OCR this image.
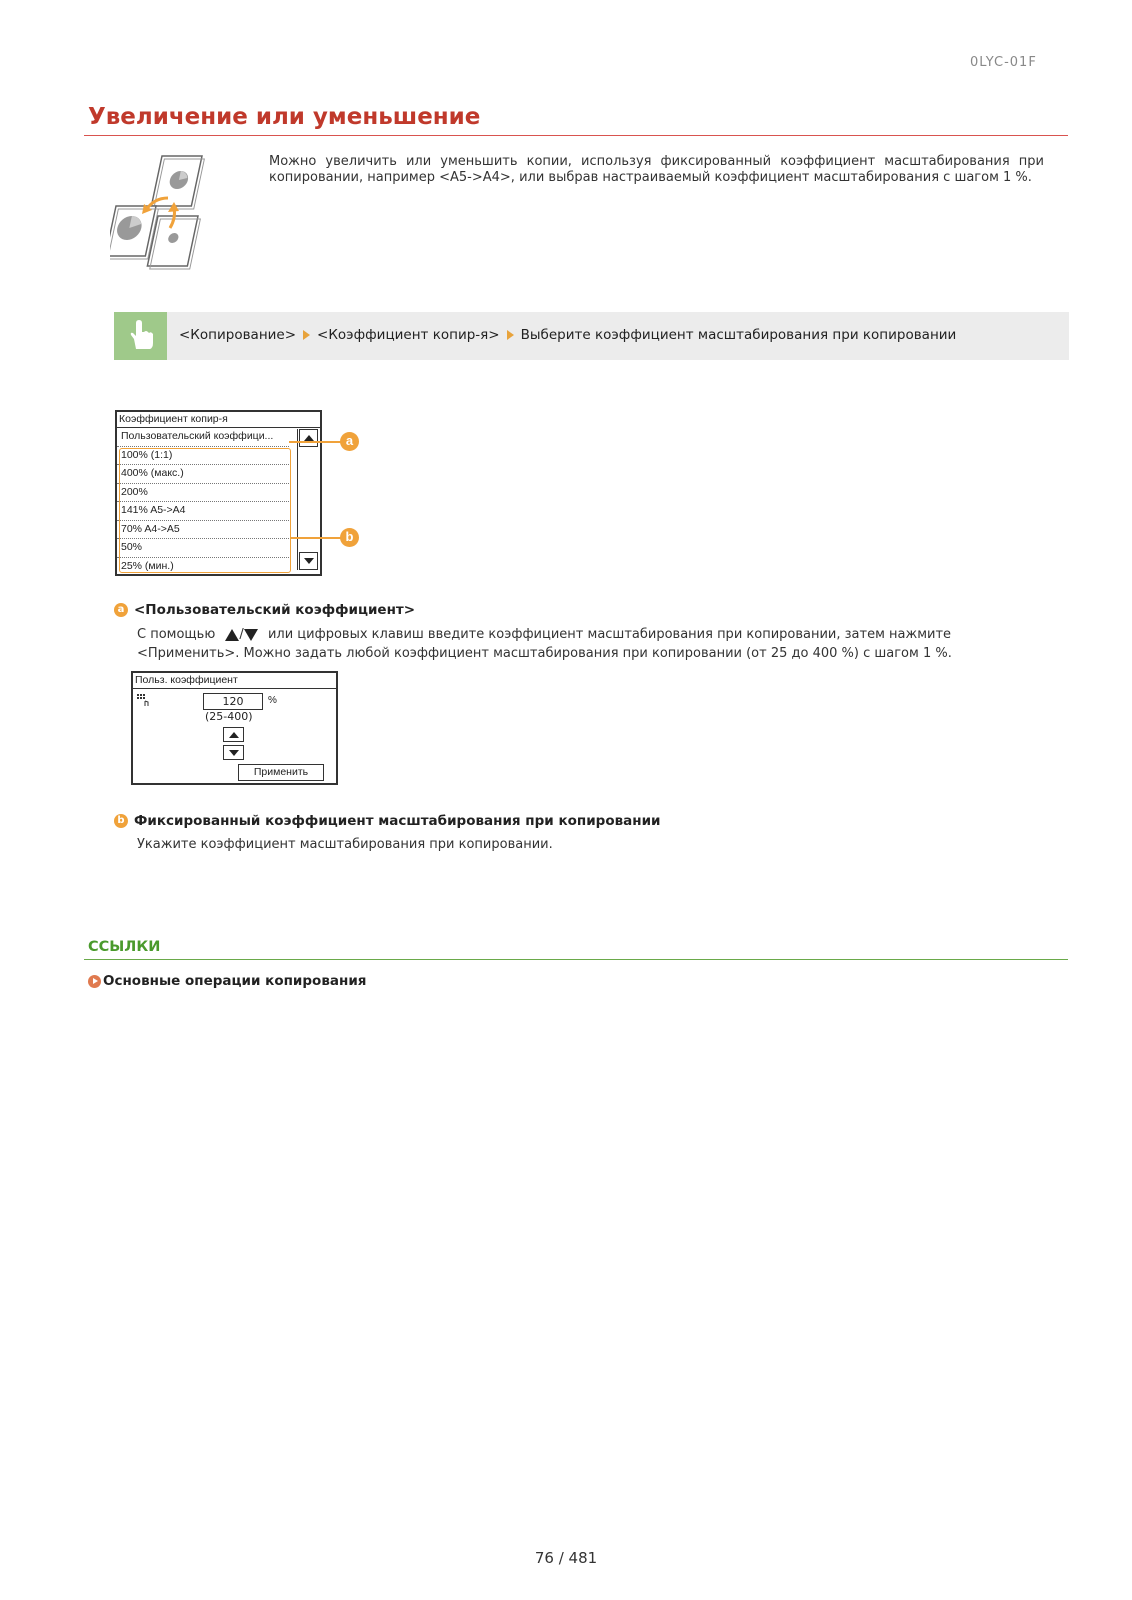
0LYC-01F
Увеличение или уменьшение
Можно увеличить или уменьшить копии, используя фиксированный коэффициент масштабирования при копировании, например <A5->A4>, или выбрав настраиваемый коэффициент масштабирования с шагом 1 %.
<Копирование> <Коэффициент копир-я> Выберите коэффициент масштабирования при копировании
Коэффициент копир-я
Пользовательский коэффици...
100% (1:1)
400% (макс.)
200%
141% A5->A4
70% A4->A5
50%
25% (мин.)
a
b
a <Пользовательский коэффициент>
С помощью / или цифровых клавиш введите коэффициент масштабирования при копировании, затем нажмите
<Применить>. Можно задать любой коэффициент масштабирования при копировании (от 25 до 400 %) с шагом 1 %.
Польз. коэффициент
120	%
(25-400)
Применить
b Фиксированный коэффициент масштабирования при копировании
Укажите коэффициент масштабирования при копировании.
ССЫЛКИ
Основные операции копирования
76 / 481
